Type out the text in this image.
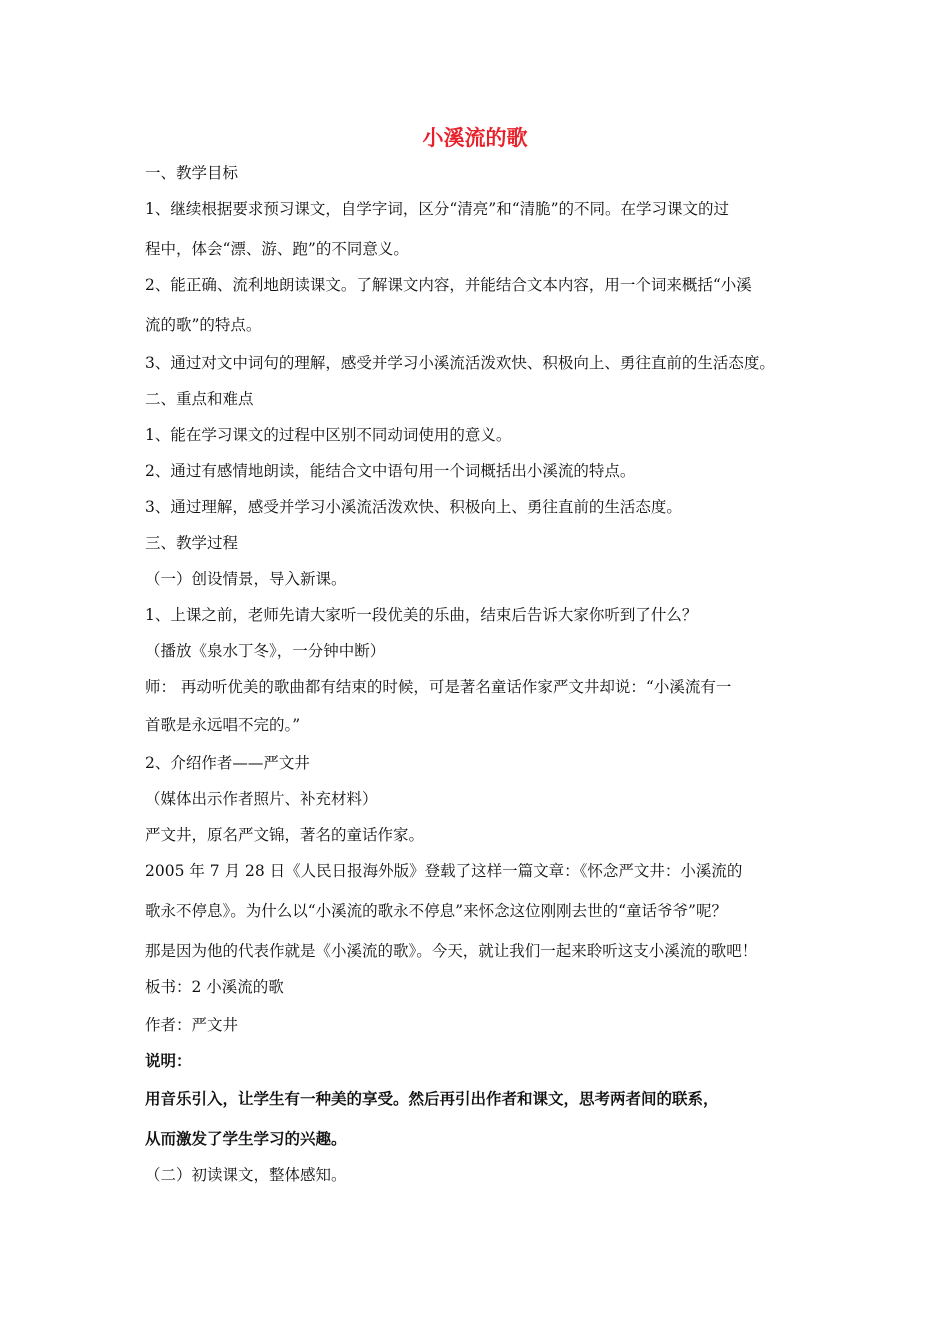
小溪流的歌
一、教学目标
1、继续根据要求预习课文，自学字词，区分“清亮”和“清脆”的不同。在学习课文的过
程中，体会“漂、游、跑”的不同意义。
2、能正确、流利地朗读课文。了解课文内容，并能结合文本内容，用一个词来概括“小溪
流的歌”的特点。
3、通过对文中词句的理解，感受并学习小溪流活泼欢快、积极向上、勇往直前的生活态度。
二、重点和难点
1、能在学习课文的过程中区别不同动词使用的意义。
2、通过有感情地朗读，能结合文中语句用一个词概括出小溪流的特点。
3、通过理解，感受并学习小溪流活泼欢快、积极向上、勇往直前的生活态度。
三、教学过程
（一）创设情景，导入新课。
1、上课之前，老师先请大家听一段优美的乐曲，结束后告诉大家你听到了什么？
（播放《泉水丁冬》，一分钟中断）
师： 再动听优美的歌曲都有结束的时候，可是著名童话作家严文井却说：“小溪流有一
首歌是永远唱不完的。”
2、介绍作者——严文井
（媒体出示作者照片、补充材料）
严文井，原名严文锦，著名的童话作家。
2005 年 7 月 28 日《人民日报海外版》登载了这样一篇文章：《怀念严文井：小溪流的
歌永不停息》。为什么以“小溪流的歌永不停息”来怀念这位刚刚去世的“童话爷爷”呢？
那是因为他的代表作就是《小溪流的歌》。今天，就让我们一起来聆听这支小溪流的歌吧！
板书：2 小溪流的歌
作者：严文井
说明：
用音乐引入，让学生有一种美的享受。然后再引出作者和课文，思考两者间的联系，
从而激发了学生学习的兴趣。
（二）初读课文，整体感知。
